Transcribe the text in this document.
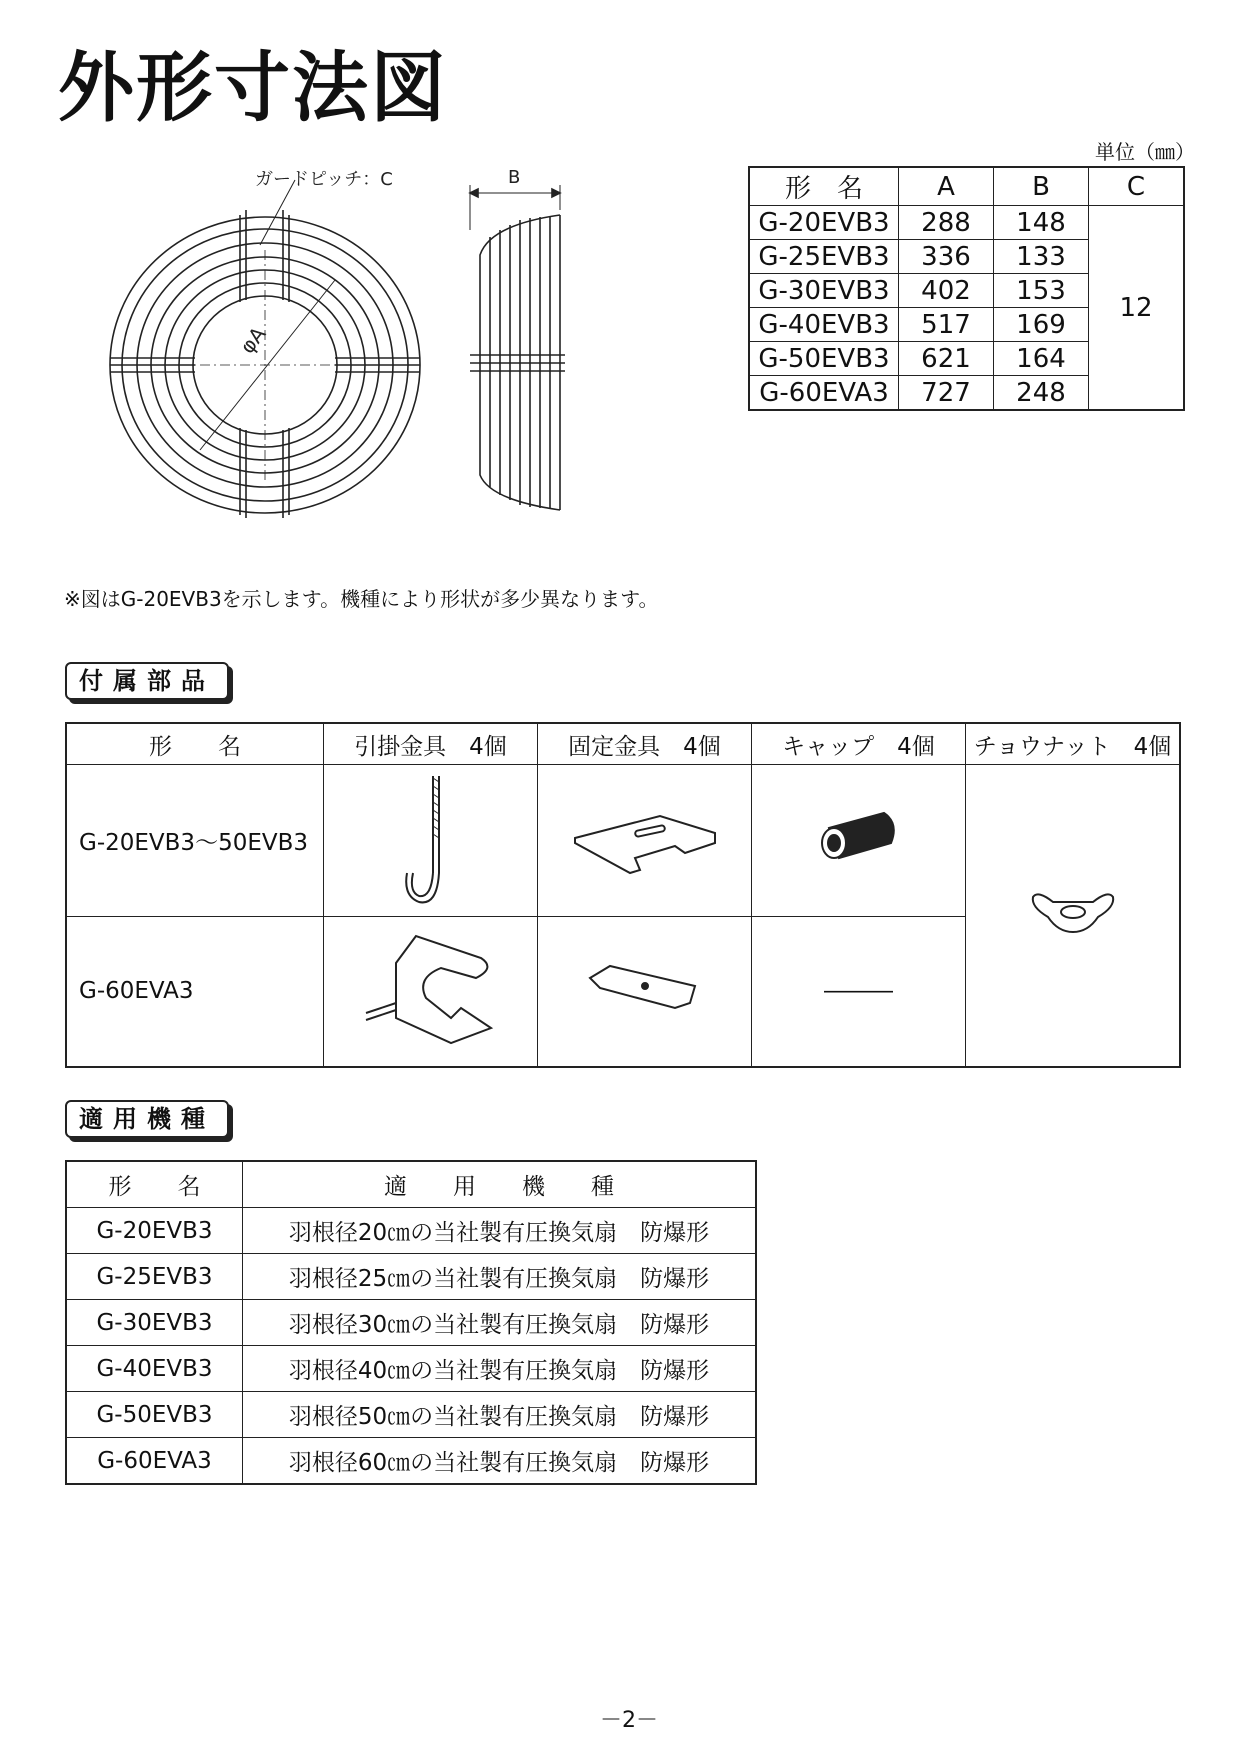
外形寸法図
ガードピッチ：C
φA
B
単位（㎜）
形　名	A	B	C
G-20EVB3	288	148	12
G-25EVB3	336	133	
G-30EVB3	402	153	
G-40EVB3	517	169	
G-50EVB3	621	164	
G-60EVA3	727	248	
※図はG-20EVB3を示します。機種により形状が多少異なります。
付属部品
形　　名	引掛金具　4個	固定金具　4個	キャップ　4個	チョウナット　4個
G-20EVB3〜50EVB3				
G-60EVA3			―――	
適用機種
形　　名	適　　用　　機　　種
G-20EVB3	羽根径20㎝の当社製有圧換気扇　防爆形
G-25EVB3	羽根径25㎝の当社製有圧換気扇　防爆形
G-30EVB3	羽根径30㎝の当社製有圧換気扇　防爆形
G-40EVB3	羽根径40㎝の当社製有圧換気扇　防爆形
G-50EVB3	羽根径50㎝の当社製有圧換気扇　防爆形
G-60EVA3	羽根径60㎝の当社製有圧換気扇　防爆形
－2－
